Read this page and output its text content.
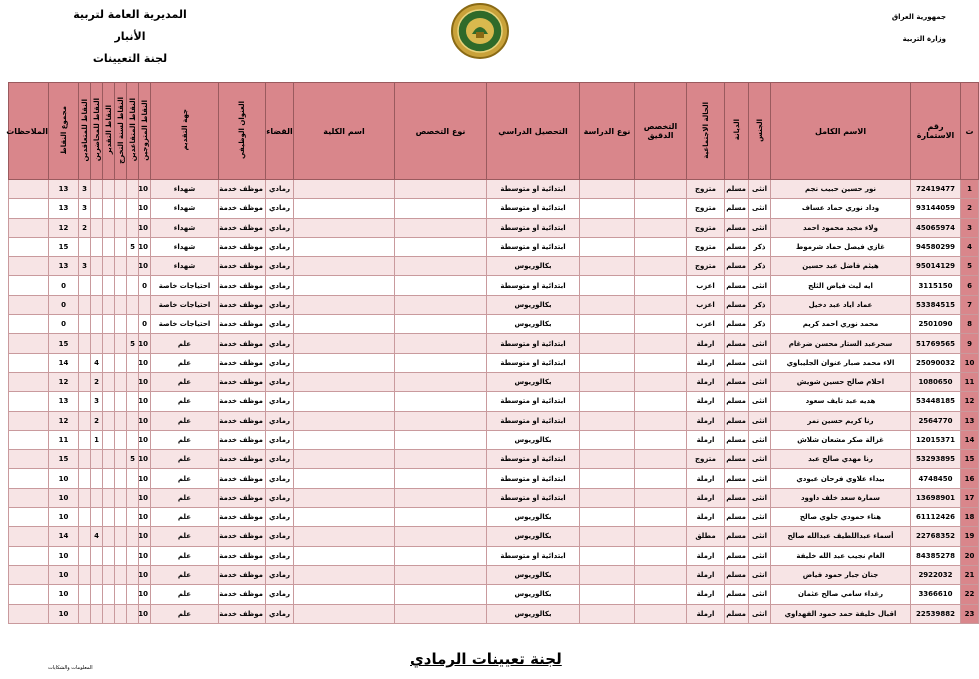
جمهورية العراق
وزارة التربية
المديرية العامة لتربية الأنبار
لجنة التعيينات
ت	رقم الاستمارة	الاسم الكامل	الجنس	الديانة	الحالة الاجتماعية	التخصص الدقيق	نوع الدراسة	التحصيل الدراسي	نوع التخصص	اسم الكلية	القضاء	العنوان الوظيفي	جهة التقديم	النقاط المتزوجين	النقاط المتقاعدين	النقاط لسنة التخرج	النقاط التقدير	النقاط للمحاضرين	النقاط للمتعاقدين	مجموع النقاط	الملاحظات
1	72419477	نور حسين حبيب نجم	انثى	مسلم	متزوج			ابتدائية او متوسطة			رمادي	موظف خدمة	شهداء	10					3	13	
2	93144059	وداد نوري حماد عساف	انثى	مسلم	متزوج			ابتدائية او متوسطة			رمادي	موظف خدمة	شهداء	10					3	13	
3	45065974	ولاء مجيد محمود احمد	انثى	مسلم	متزوج			ابتدائية او متوسطة			رمادي	موظف خدمة	شهداء	10					2	12	
4	94580299	غازي فيصل حماد شرموط	ذكر	مسلم	متزوج			ابتدائية او متوسطة			رمادي	موظف خدمة	شهداء	10	5					15	
5	95014129	هيثم فاضل عبد حسين	ذكر	مسلم	متزوج			بكالوريوس			رمادي	موظف خدمة	شهداء	10					3	13	
6	3115150	ايه ليث فياض الثلج	انثى	مسلم	اعزب			ابتدائية او متوسطة			رمادي	موظف خدمة	احتياجات خاصة	0						0	
7	53384515	عماد اياد عبد دخيل	ذكر	مسلم	اعزب			بكالوريوس			رمادي	موظف خدمة	احتياجات خاصة							0	
8	2501090	محمد نوري احمد كريم	ذكر	مسلم	اعزب			بكالوريوس			رمادي	موظف خدمة	احتياجات خاصة	0						0	
9	51769565	سحرعبد الستار محسن ضرغام	انثى	مسلم	ارملة			ابتدائية او متوسطة			رمادي	موظف خدمة	علم	10	5					15	
10	25090032	الاء محمد صبار عنوان الجليباوي	انثى	مسلم	ارملة			ابتدائية او متوسطة			رمادي	موظف خدمة	علم	10				4		14	
11	1080650	احلام صالح حسين شويش	انثى	مسلم	ارملة			بكالوريوس			رمادي	موظف خدمة	علم	10				2		12	
12	53448185	هديه عبد نايف سعود	انثى	مسلم	ارملة			ابتدائية او متوسطة			رمادي	موظف خدمة	علم	10				3		13	
13	2564770	رنا كريم حسين نمر	انثى	مسلم	ارملة			ابتدائية او متوسطة			رمادي	موظف خدمة	علم	10				2		12	
14	12015371	غزالة صكر مشعان شلاش	انثى	مسلم	ارملة			بكالوريوس			رمادي	موظف خدمة	علم	10				1		11	
15	53293895	رنا مهدي صالح عبد	انثى	مسلم	متزوج			ابتدائية او متوسطة			رمادي	موظف خدمة	علم	10	5					15	
16	4748450	بيداء علاوي فرحان عبودي	انثى	مسلم	ارملة			ابتدائية او متوسطة			رمادي	موظف خدمة	علم	10						10	
17	13698901	سمارة سعد خلف داوود	انثى	مسلم	ارملة			ابتدائية او متوسطة			رمادي	موظف خدمة	علم	10						10	
18	61112426	هناء حمودي جلوي صالح	انثى	مسلم	ارملة			بكالوريوس			رمادي	موظف خدمة	علم	10						10	
19	22768352	أسماء عبداللطيف عبدالله صالح	انثى	مسلم	مطلق			بكالوريوس			رمادي	موظف خدمة	علم	10				4		14	
20	84385278	الغام نجيب عبد الله خليفة	انثى	مسلم	ارملة			ابتدائية او متوسطة			رمادي	موظف خدمة	علم	10						10	
21	2922032	جنان جبار حمود فياض	انثى	مسلم	ارملة			بكالوريوس			رمادي	موظف خدمة	علم	10						10	
22	3366610	رغداء سامي صالح عثمان	انثى	مسلم	ارملة			بكالوريوس			رمادي	موظف خدمة	علم	10						10	
23	22539882	اقبال خليفة حمد حمود الفهداوي	انثى	مسلم	ارملة			بكالوريوس			رمادي	موظف خدمة	علم	10						10	
لجنة تعيينات الرمادي
المعلومات والشكايات
